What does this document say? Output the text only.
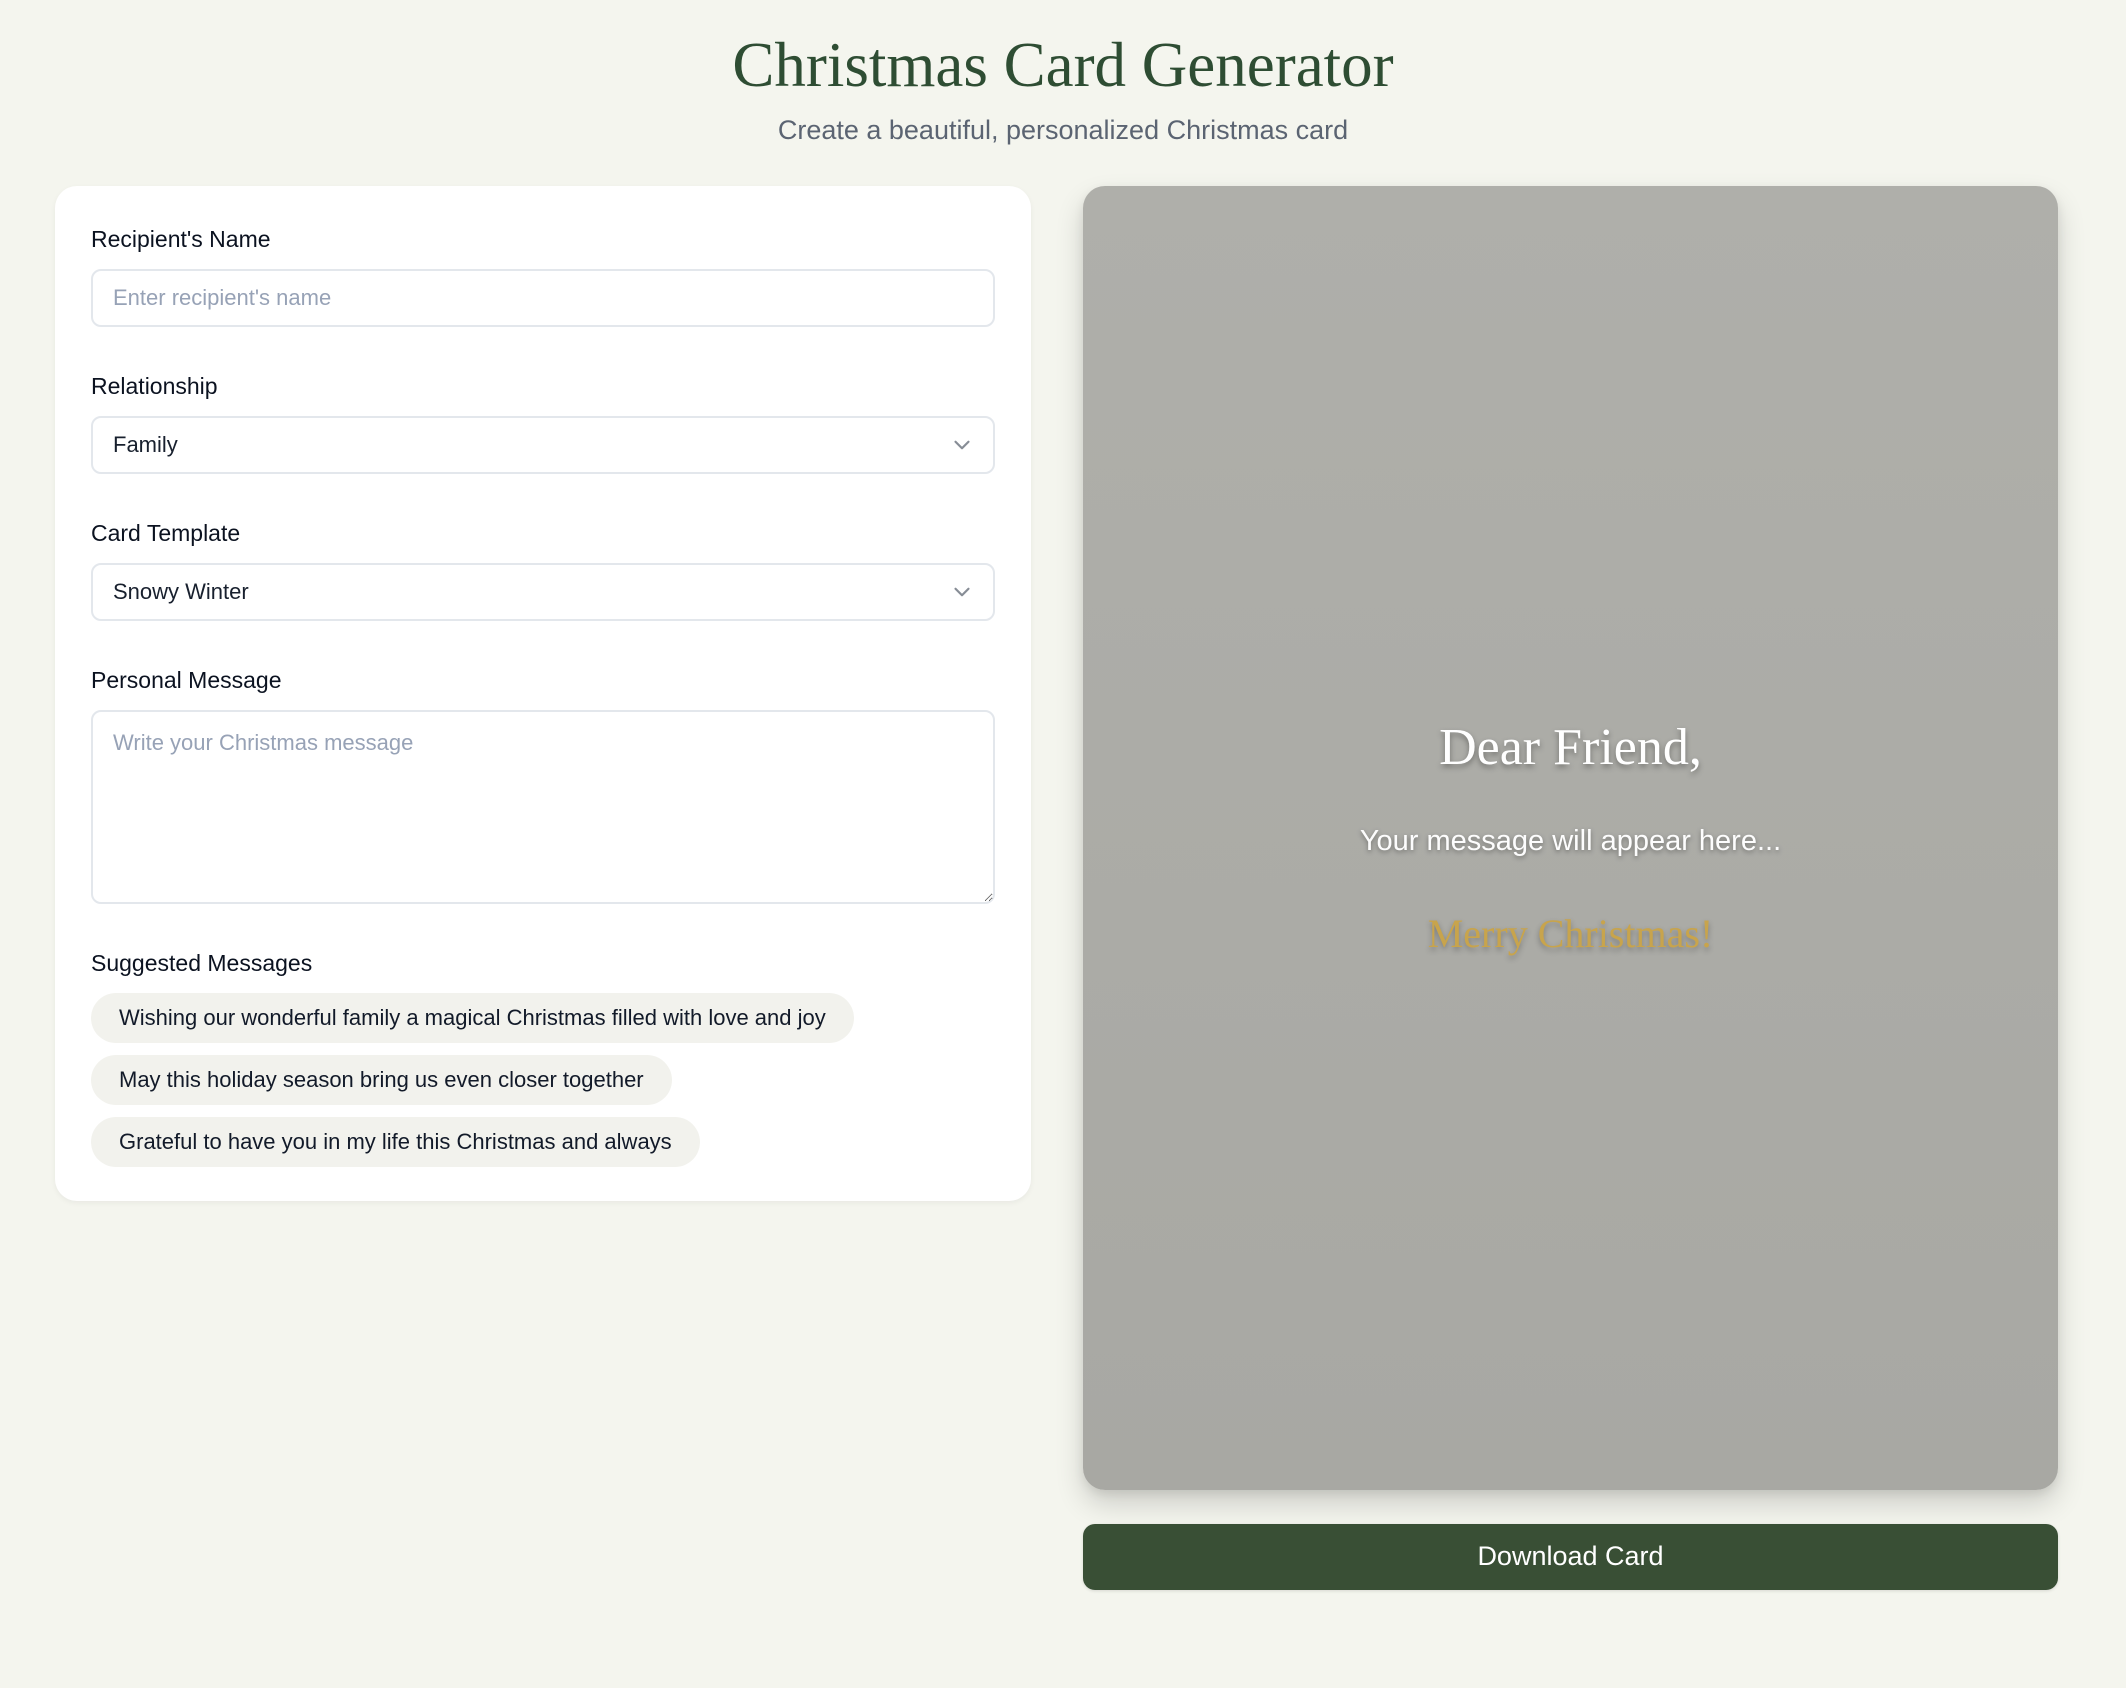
Christmas Card Generator

Create a beautiful, personalized Christmas card

Recipient's Name
Enter recipient's name
Relationship
Family
Card Template
Snowy Winter
Personal Message
Write your Christmas message
Suggested Messages
Wishing our wonderful family a magical Christmas filled with love and joy
May this holiday season bring us even closer together
Grateful to have you in my life this Christmas and always
Dear Friend,
Your message will appear here...
Merry Christmas!
Download Card
